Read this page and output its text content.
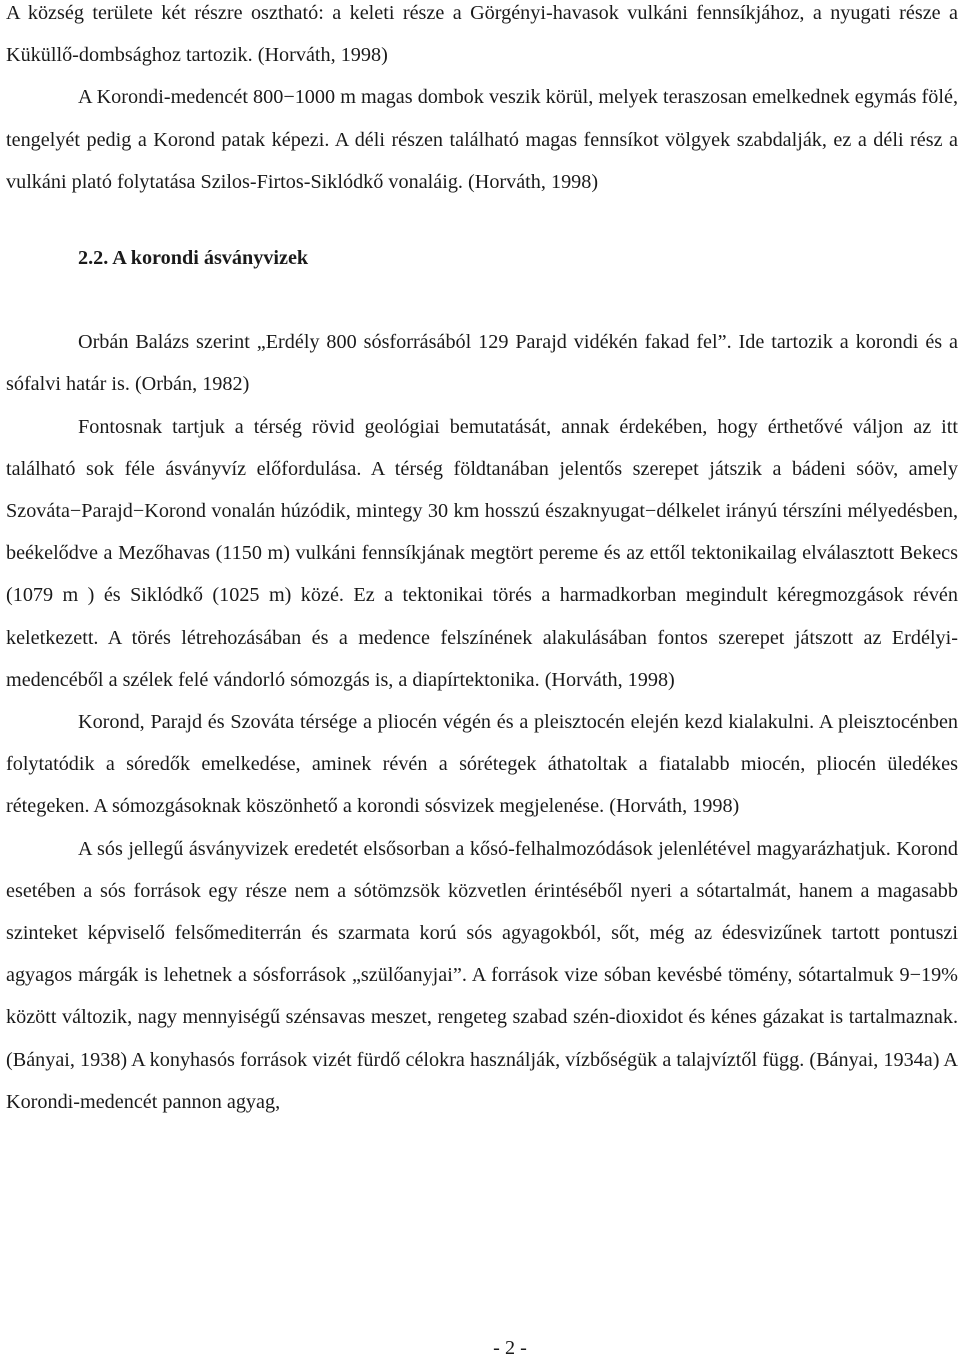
A község területe két részre osztható: a keleti része a Görgényi-havasok vulkáni fennsíkjához, a nyugati része a Küküllő-dombsághoz tartozik. (Horváth, 1998)

A Korondi-medencét 800−1000 m magas dombok veszik körül, melyek teraszosan emelkednek egymás fölé, tengelyét pedig a Korond patak képezi. A déli részen található magas fennsíkot völgyek szabdalják, ez a déli rész a vulkáni plató folytatása Szilos-Firtos-Siklódkő vonaláig. (Horváth, 1998)

2.2. A korondi ásványvizek

Orbán Balázs szerint „Erdély 800 sósforrásából 129 Parajd vidékén fakad fel”. Ide tartozik a korondi és a sófalvi határ is. (Orbán, 1982)

Fontosnak tartjuk a térség rövid geológiai bemutatását, annak érdekében, hogy érthetővé váljon az itt található sok féle ásványvíz előfordulása. A térség földtanában jelentős szerepet játszik a bádeni sóöv, amely Szováta−Parajd−Korond vonalán húzódik, mintegy 30 km hosszú északnyugat−délkelet irányú térszíni mélyedésben, beékelődve a Mezőhavas (1150 m) vulkáni fennsíkjának megtört pereme és az ettől tektonikailag elválasztott Bekecs (1079 m ) és Siklódkő (1025 m) közé. Ez a tektonikai törés a harmadkorban megindult kéregmozgások révén keletkezett. A törés létrehozásában és a medence felszínének alakulásában fontos szerepet játszott az Erdélyi-medencéből a szélek felé vándorló sómozgás is, a diapírtektonika. (Horváth, 1998)

Korond, Parajd és Szováta térsége a pliocén végén és a pleisztocén elején kezd kialakulni. A pleisztocénben folytatódik a sóredők emelkedése, aminek révén a sórétegek áthatoltak a fiatalabb miocén, pliocén üledékes rétegeken. A sómozgásoknak köszönhető a korondi sósvizek megjelenése. (Horváth, 1998)

A sós jellegű ásványvizek eredetét elsősorban a kősó-felhalmozódások jelenlétével magyarázhatjuk. Korond esetében a sós források egy része nem a sótömzsök közvetlen érintéséből nyeri a sótartalmát, hanem a magasabb szinteket képviselő felsőmediterrán és szarmata korú sós agyagokból, sőt, még az édesvizűnek tartott pontuszi agyagos márgák is lehetnek a sósforrások „szülőanyjai”. A források vize sóban kevésbé tömény, sótartalmuk 9−19% között változik, nagy mennyiségű szénsavas meszet, rengeteg szabad szén-dioxidot és kénes gázakat is tartalmaznak. (Bányai, 1938) A konyhasós források vizét fürdő célokra használják, vízbőségük a talajvíztől függ. (Bányai, 1934a) A Korondi-medencét pannon agyag,

- 2 -
